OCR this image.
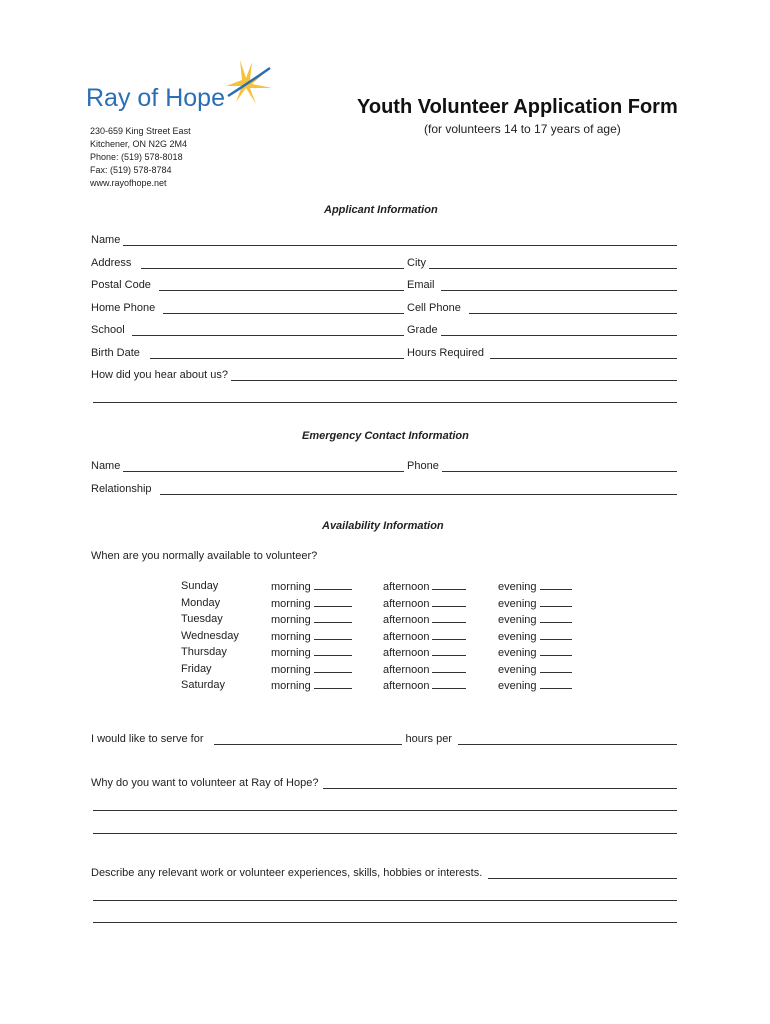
Ray of Hope	Youth Volunteer Application Form
(for volunteers 14 to 17 years of age)
230-659 King Street East
Kitchener, ON N2G 2M4
Phone: (519) 578-8018
Fax: (519) 578-8784
www.rayofhope.net
Applicant Information
Name
Address	City
Postal Code	Email
Home Phone	Cell Phone
School	Grade
Birth Date	Hours Required
How did you hear about us?
Emergency Contact Information
Name	Phone
Relationship
Availability Information
When are you normally available to volunteer?
Sunday	morning	afternoon	evening
Monday	morning	afternoon	evening
Tuesday	morning	afternoon	evening
Wednesday	morning	afternoon	evening
Thursday	morning	afternoon	evening
Friday	morning	afternoon	evening
Saturday	morning	afternoon	evening
I would like to serve for	hours per
Why do you want to volunteer at Ray of Hope?
Describe any relevant work or volunteer experiences, skills, hobbies or interests.
